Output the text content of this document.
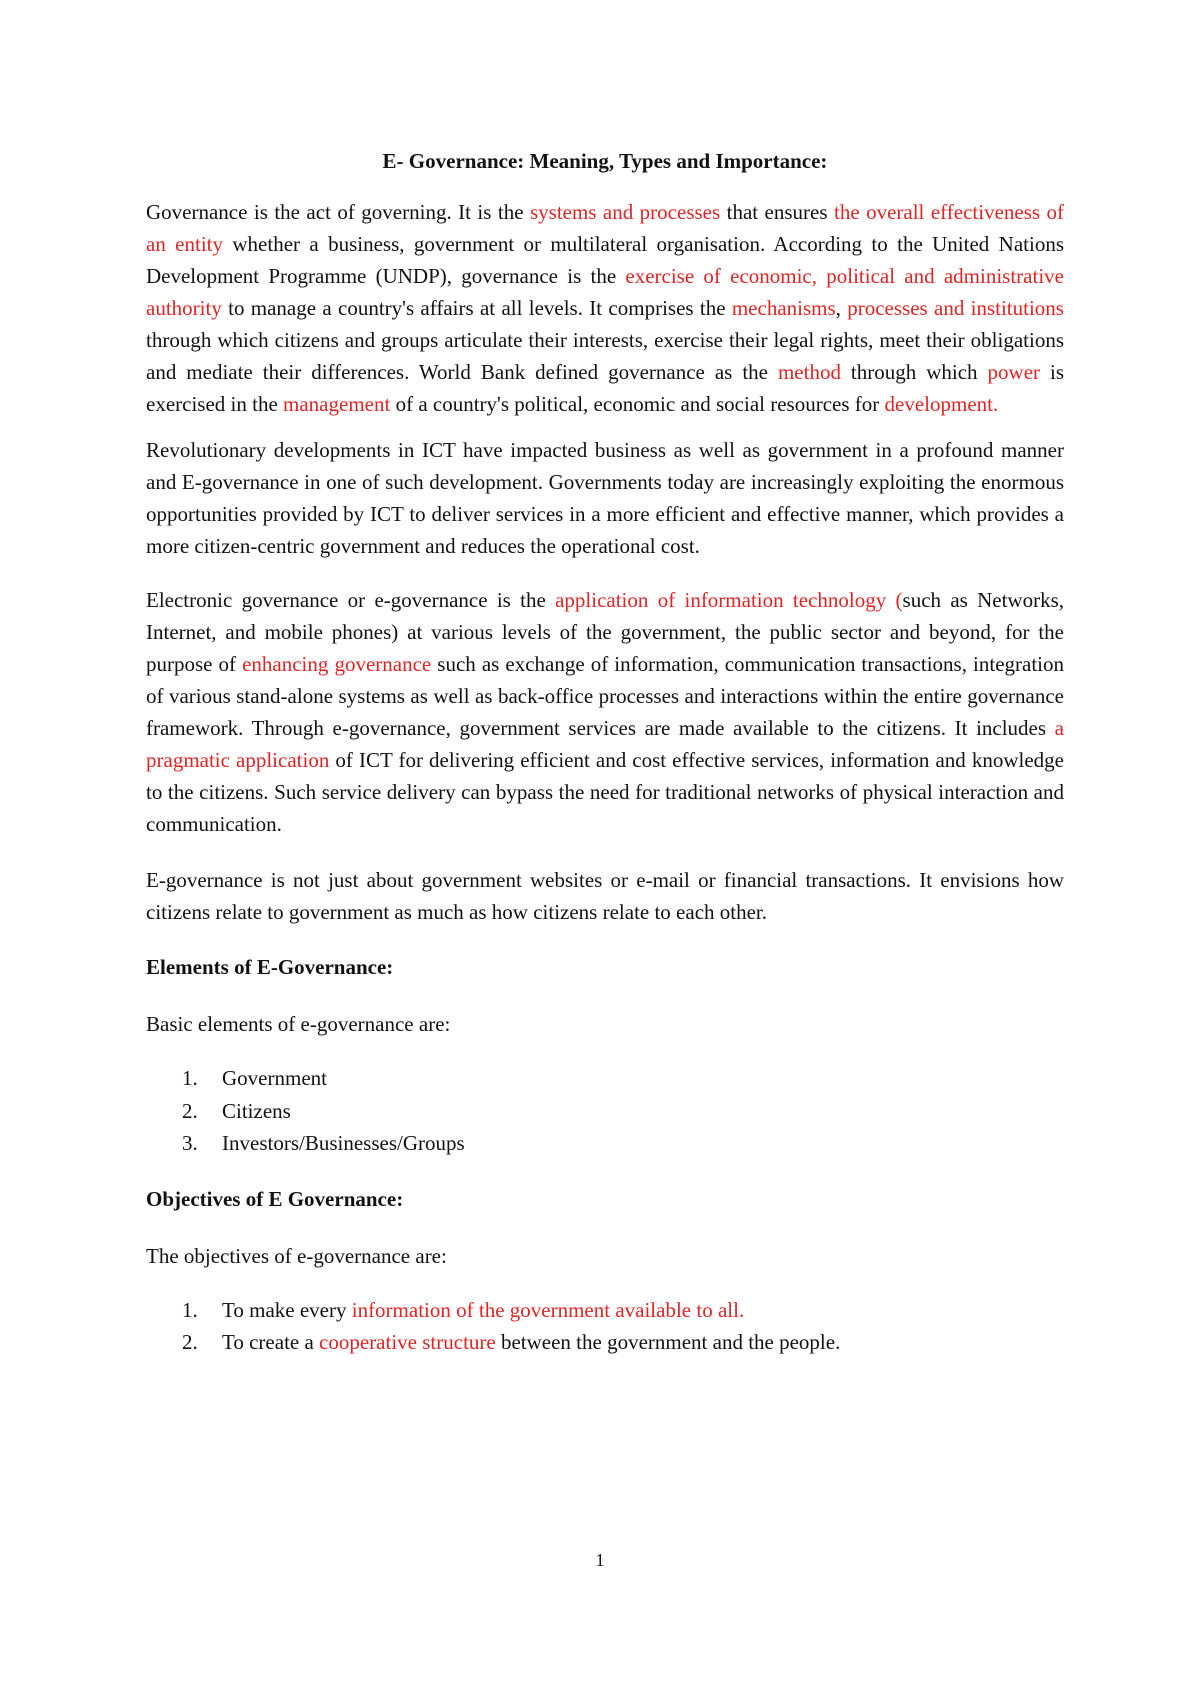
E- Governance: Meaning, Types and Importance:

Governance is the act of governing. It is the systems and processes that ensures the overall effectiveness of an entity whether a business, government or multilateral organisation. According to the United Nations Development Programme (UNDP), governance is the exercise of economic, political and administrative authority to manage a country's affairs at all levels. It comprises the mechanisms, processes and institutions through which citizens and groups articulate their interests, exercise their legal rights, meet their obligations and mediate their differences. World Bank defined governance as the method through which power is exercised in the management of a country's political, economic and social resources for development.

Revolutionary developments in ICT have impacted business as well as government in a profound manner and E-governance in one of such development. Governments today are increasingly exploiting the enormous opportunities provided by ICT to deliver services in a more efficient and effective manner, which provides a more citizen-centric government and reduces the operational cost.

Electronic governance or e-governance is the application of information technology (such as Networks, Internet, and mobile phones) at various levels of the government, the public sector and beyond, for the purpose of enhancing governance such as exchange of information, communication transactions, integration of various stand-alone systems as well as back-office processes and interactions within the entire governance framework. Through e-governance, government services are made available to the citizens. It includes a pragmatic application of ICT for delivering efficient and cost effective services, information and knowledge to the citizens. Such service delivery can bypass the need for traditional networks of physical interaction and communication.

E-governance is not just about government websites or e-mail or financial transactions. It envisions how citizens relate to government as much as how citizens relate to each other.

Elements of E-Governance:

Basic elements of e-governance are:

1.	Government
2.	Citizens
3.	Investors/Businesses/Groups
Objectives of E Governance:

The objectives of e-governance are:

1.	To make every information of the government available to all.
2.	To create a cooperative structure between the government and the people.
1
